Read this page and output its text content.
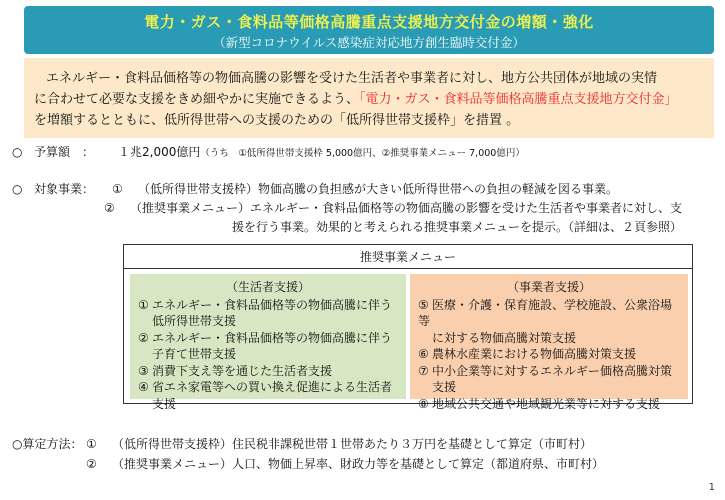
電力・ガス・食料品等価格高騰重点支援地方交付金の増額・強化
（新型コロナウイルス感染症対応地方創生臨時交付金）
エネルギー・食料品価格等の物価高騰の影響を受けた生活者や事業者に対し、地方公共団体が地域の実情
に合わせて必要な支援をきめ細やかに実施できるよう、「電力・ガス・食料品等価格高騰重点支援地方交付金」
を増額するとともに、低所得世帯への支援のための「低所得世帯支援枠」を措置 。
○ 予算額　： １兆2,000億円（うち　①低所得世帯支援枠 5,000億円、②推奨事業メニュー 7,000億円）
○ 対象事業： ① （低所得世帯支援枠）物価高騰の負担感が大きい低所得世帯への負担の軽減を図る事業。
② （推奨事業メニュー）エネルギー・食料品価格等の物価高騰の影響を受けた生活者や事業者に対し、支
援を行う事業。効果的と考えられる推奨事業メニューを提示。（詳細は、２頁参照）
推奨事業メニュー
（生活者支援）
① エネルギー・食料品価格等の物価高騰に伴う
低所得世帯支援
② エネルギー・食料品価格等の物価高騰に伴う
子育て世帯支援
③ 消費下支え等を通じた生活者支援
④ 省エネ家電等への買い換え促進による生活者
支援
（事業者支援）
⑤ 医療・介護・保育施設、学校施設、公衆浴場等
に対する物価高騰対策支援
⑥ 農林水産業における物価高騰対策支援
⑦ 中小企業等に対するエネルギー価格高騰対策
支援
⑧ 地域公共交通や地域観光業等に対する支援
○算定方法： ① （低所得世帯支援枠）住民税非課税世帯１世帯あたり３万円を基礎として算定（市町村）
② （推奨事業メニュー）人口、物価上昇率、財政力等を基礎として算定（都道府県、市町村）
1
